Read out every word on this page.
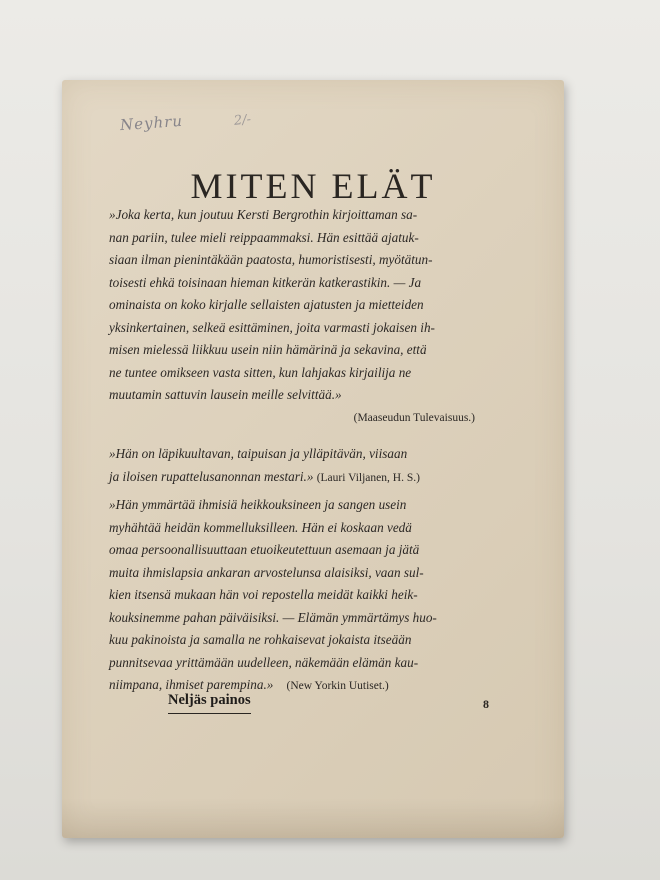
Neyhru	2/-
MITEN ELÄT
»Joka kerta, kun joutuu Kersti Bergrothin kirjoittaman sa-
nan pariin, tulee mieli reippaammaksi. Hän esittää ajatuk-
siaan ilman pienintäkään paatosta, humoristisesti, myötätun-
toisesti ehkä toisinaan hieman kitkerän katkerastikin. — Ja
ominaista on koko kirjalle sellaisten ajatusten ja mietteiden
yksinkertainen, selkeä esittäminen, joita varmasti jokaisen ih-
misen mielessä liikkuu usein niin hämärinä ja sekavina, että
ne tuntee omikseen vasta sitten, kun lahjakas kirjailija ne
muutamin sattuvin lausein meille selvittää.»
(Maaseudun Tulevaisuus.)
»Hän on läpikuultavan, taipuisan ja ylläpitävän, viisaan
ja iloisen rupattelusanonnan mestari.» (Lauri Viljanen, H. S.)
»Hän ymmärtää ihmisiä heikkouksineen ja sangen usein
myhähtää heidän kommelluksilleen. Hän ei koskaan vedä
omaa persoonallisuuttaan etuoikeutettuun asemaan ja jätä
muita ihmislapsia ankaran arvostelunsa alaisiksi, vaan sul-
kien itsensä mukaan hän voi repostella meidät kaikki heik-
kouksinemme pahan päiväisiksi. — Elämän ymmärtämys huo-
kuu pakinoista ja samalla ne rohkaisevat jokaista itseään
punnitsevaa yrittämään uudelleen, näkemään elämän kau-
niimpana, ihmiset parempina.» (New Yorkin Uutiset.)
Neljäs painos	8
